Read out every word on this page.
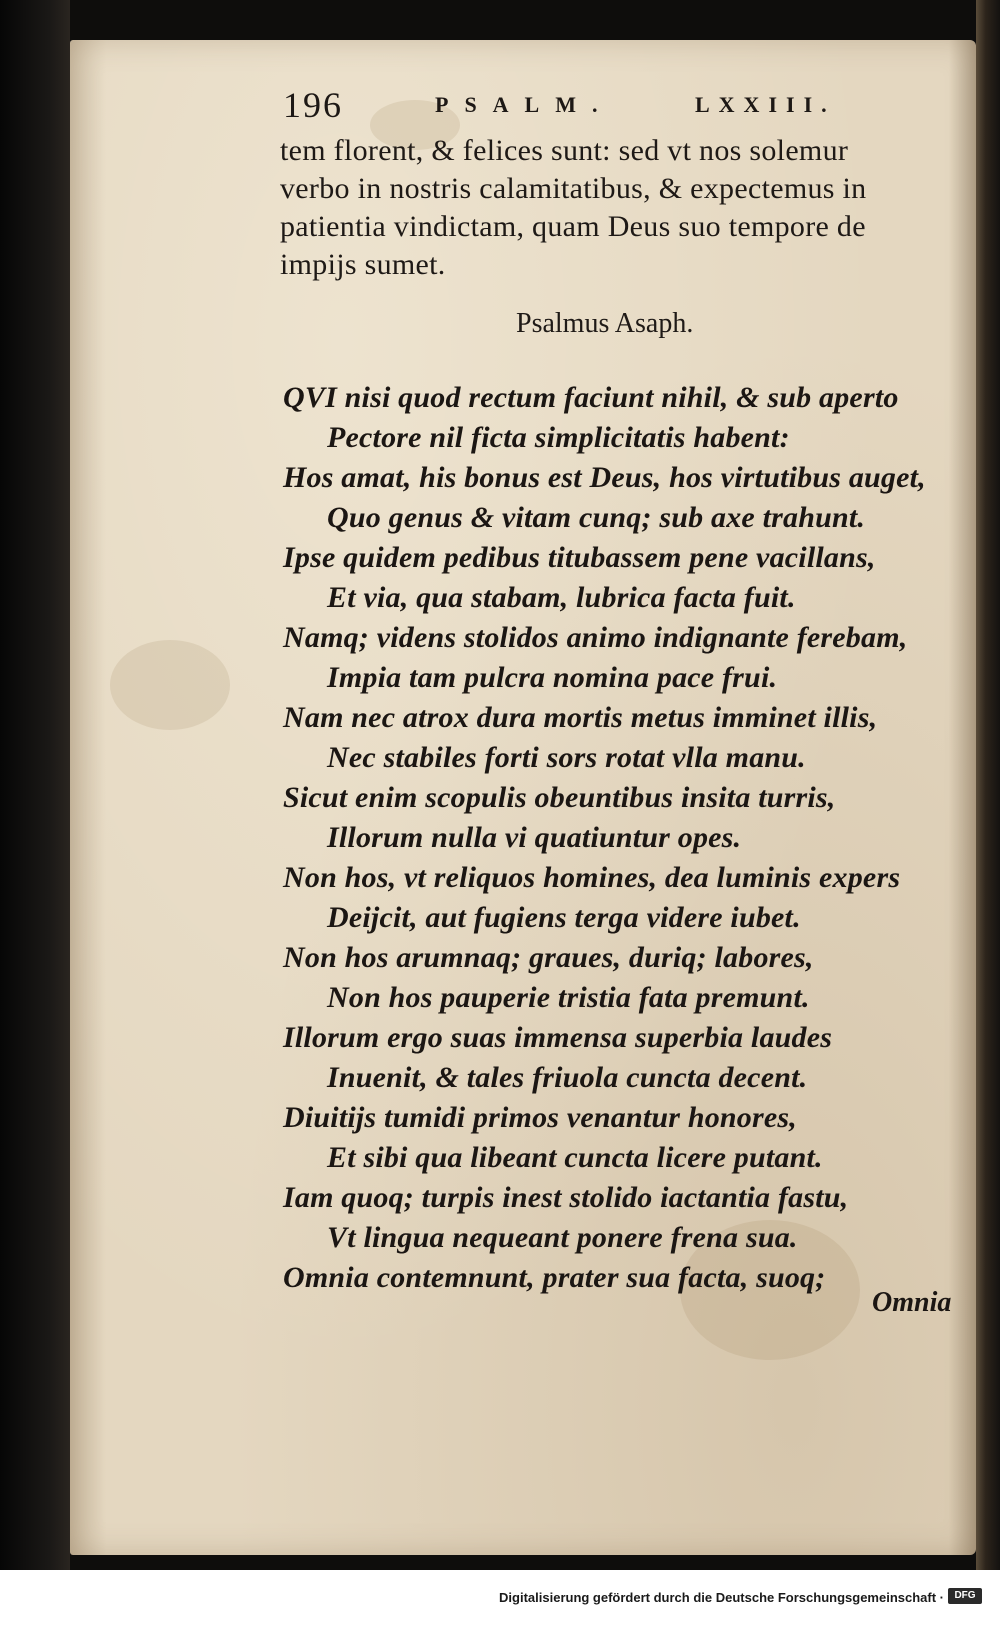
196	PSALM.	LXXIII.
tem florent, & felices sunt: sed vt nos solemur
verbo in nostris calamitatibus, & expectemus in
patientia vindictam, quam Deus suo tempore de
impijs sumet.
Psalmus Asaph.
QVI nisi quod rectum faciunt nihil, & sub aperto
Pectore nil ficta simplicitatis habent:
Hos amat, his bonus est Deus, hos virtutibus auget,
Quo genus & vitam cunq; sub axe trahunt.
Ipse quidem pedibus titubassem pene vacillans,
Et via, qua stabam, lubrica facta fuit.
Namq; videns stolidos animo indignante ferebam,
Impia tam pulcra nomina pace frui.
Nam nec atrox dura mortis metus imminet illis,
Nec stabiles forti sors rotat vlla manu.
Sicut enim scopulis obeuntibus insita turris,
Illorum nulla vi quatiuntur opes.
Non hos, vt reliquos homines, dea luminis expers
Deijcit, aut fugiens terga videre iubet.
Non hos arumnaq; graues, duriq; labores,
Non hos pauperie tristia fata premunt.
Illorum ergo suas immensa superbia laudes
Inuenit, & tales friuola cuncta decent.
Diuitijs tumidi primos venantur honores,
Et sibi qua libeant cuncta licere putant.
Iam quoq; turpis inest stolido iactantia fastu,
Vt lingua nequeant ponere frena sua.
Omnia contemnunt, prater sua facta, suoq;
Omnia
Digitalisierung gefördert durch die Deutsche Forschungsgemeinschaft ·	DFG
